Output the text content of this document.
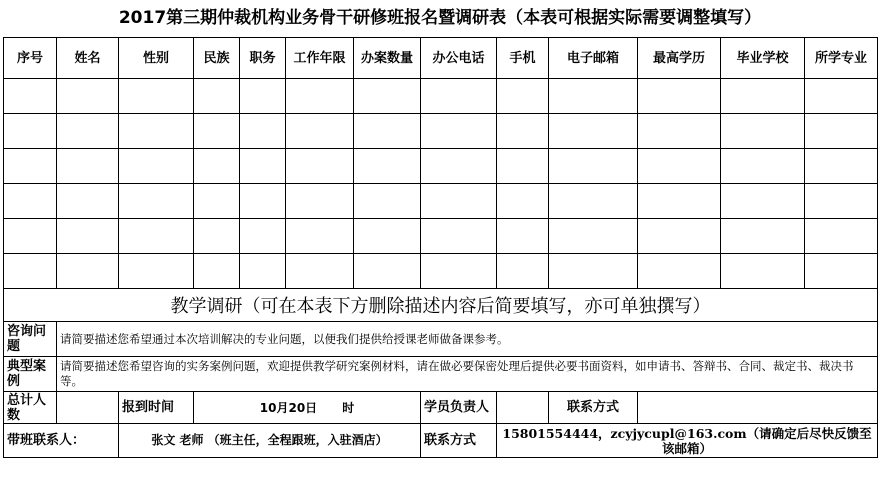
2017第三期仲裁机构业务骨干研修班报名暨调研表（本表可根据实际需要调整填写）
序号	姓名	性别	民族	职务	工作年限	办案数量	办公电话	手机	电子邮箱	最高学历	毕业学校	所学专业

教学调研（可在本表下方删除描述内容后简要填写，亦可单独撰写）												
咨询问题	请简要描述您希望通过本次培训解决的专业问题，以便我们提供给授课老师做备课参考。											
典型案例	请简要描述您希望咨询的实务案例问题，欢迎提供教学研究案例材料，请在做必要保密处理后提供必要书面资料，如申请书、答辩书、合同、裁定书、裁决书等。											
总计人数		报到时间	10月20日      时				学员负责人		联系方式			
带班联系人：		张文 老师 （班主任，全程跟班，入驻酒店）					联系方式	15801554444，zcyjycupl@163.com（请确定后尽快反馈至该邮箱）				
